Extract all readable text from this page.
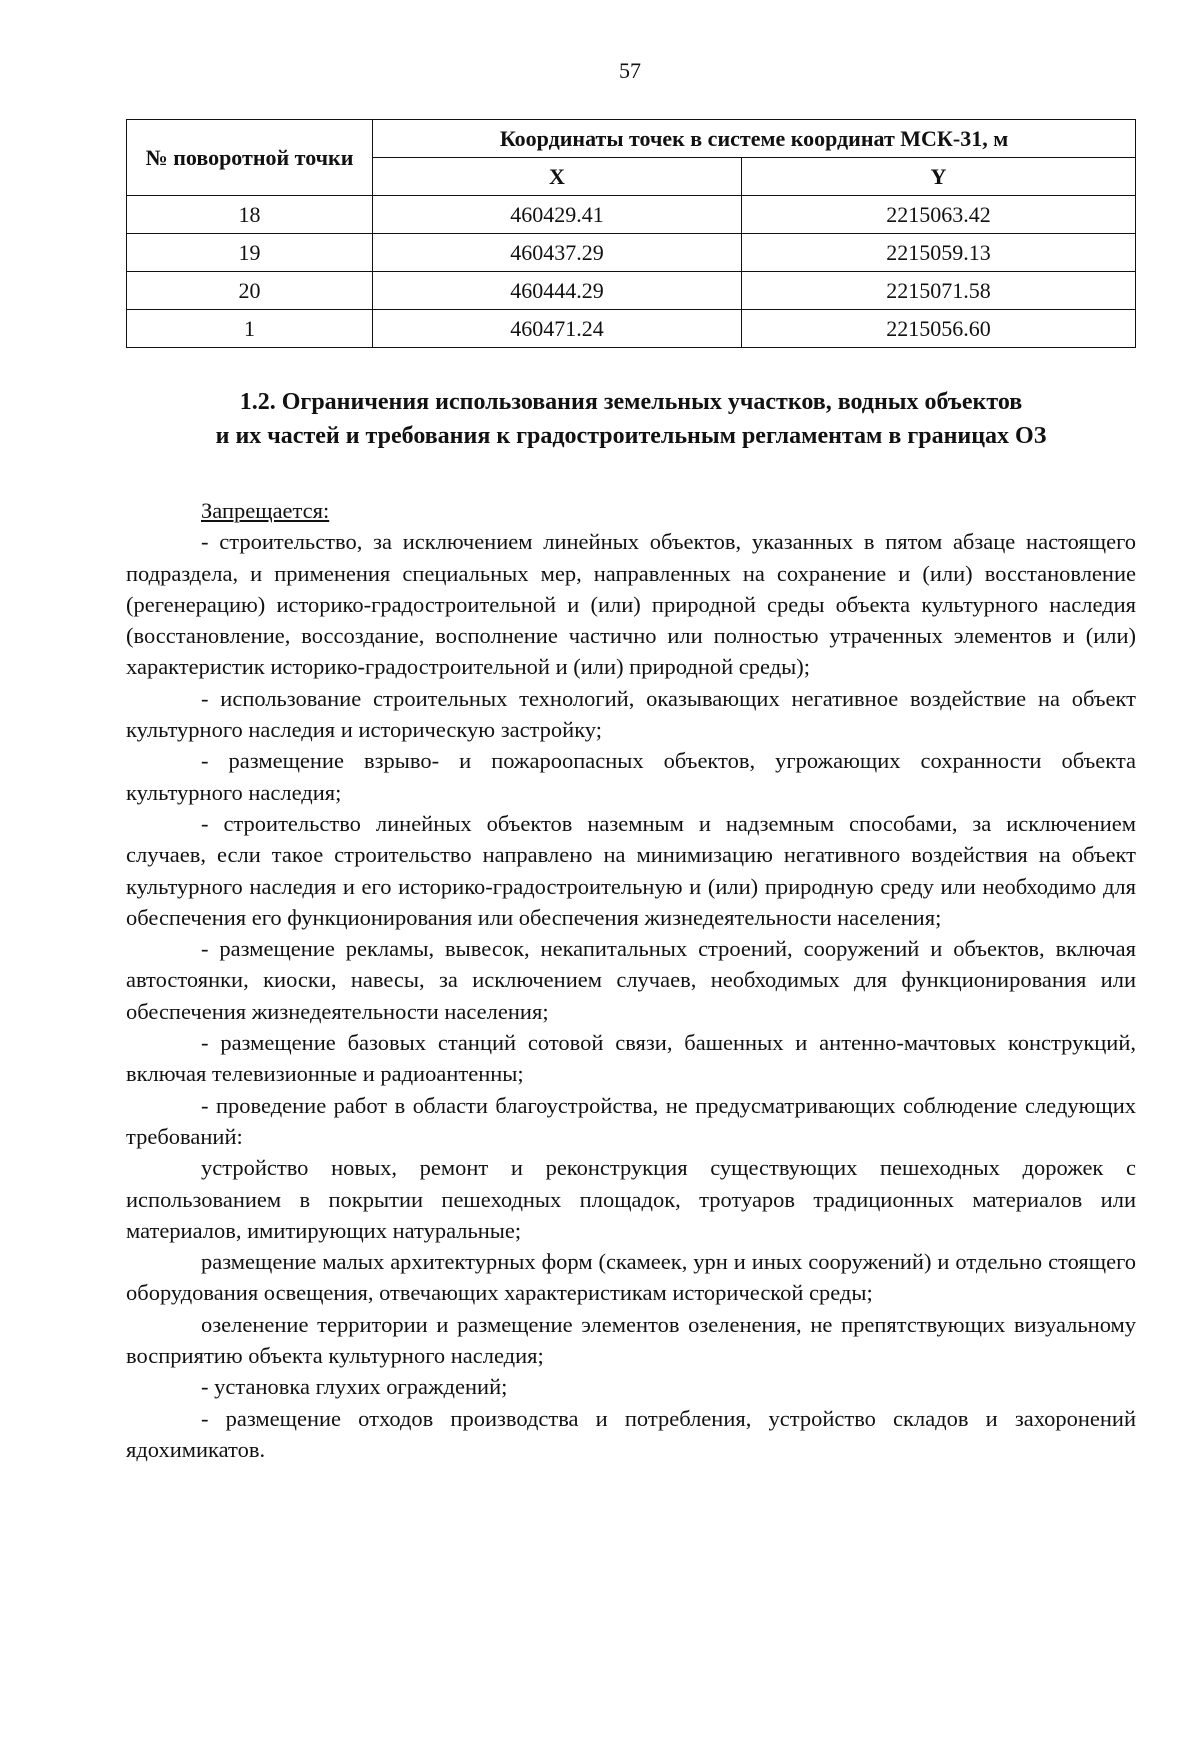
57
№ поворотной точки	Координаты точек в системе координат МСК-31, м	
	X	Y
18	460429.41	2215063.42
19	460437.29	2215059.13
20	460444.29	2215071.58
1	460471.24	2215056.60
1.2. Ограничения использования земельных участков, водных объектов
и их частей и требования к градостроительным регламентам в границах ОЗ

Запрещается:

- строительство, за исключением линейных объектов, указанных в пятом абзаце настоящего подраздела, и применения специальных мер, направленных на сохранение и (или) восстановление (регенерацию) историко-градостроительной и (или) природной среды объекта культурного наследия (восстановление, воссоздание, восполнение частично или полностью утраченных элементов и (или) характеристик историко-градостроительной и (или) природной среды);

- использование строительных технологий, оказывающих негативное воздействие на объект культурного наследия и историческую застройку;

- размещение взрыво- и пожароопасных объектов, угрожающих сохранности объекта культурного наследия;

- строительство линейных объектов наземным и надземным способами, за исключением случаев, если такое строительство направлено на минимизацию негативного воздействия на объект культурного наследия и его историко-градостроительную и (или) природную среду или необходимо для обеспечения его функционирования или обеспечения жизнедеятельности населения;

- размещение рекламы, вывесок, некапитальных строений, сооружений и объектов, включая автостоянки, киоски, навесы, за исключением случаев, необходимых для функционирования или обеспечения жизнедеятельности населения;

- размещение базовых станций сотовой связи, башенных и антенно-мачтовых конструкций, включая телевизионные и радиоантенны;

- проведение работ в области благоустройства, не предусматривающих соблюдение следующих требований:

устройство новых, ремонт и реконструкция существующих пешеходных дорожек с использованием в покрытии пешеходных площадок, тротуаров традиционных материалов или материалов, имитирующих натуральные;

размещение малых архитектурных форм (скамеек, урн и иных сооружений) и отдельно стоящего оборудования освещения, отвечающих характеристикам исторической среды;

озеленение территории и размещение элементов озеленения, не препятствующих визуальному восприятию объекта культурного наследия;

- установка глухих ограждений;

- размещение отходов производства и потребления, устройство складов и захоронений ядохимикатов.
